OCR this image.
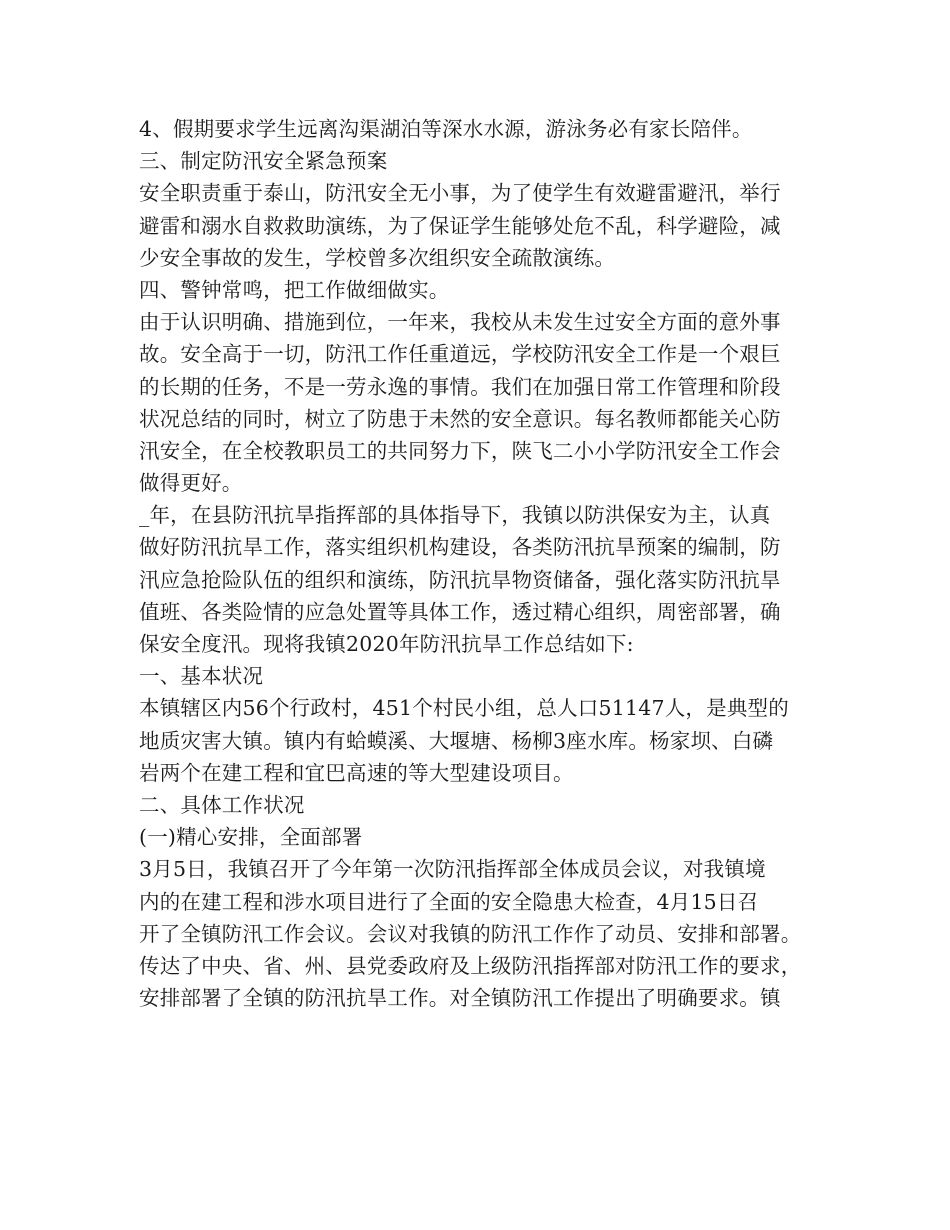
4、假期要求学生远离沟渠湖泊等深水水源，游泳务必有家长陪伴。
三、制定防汛安全紧急预案
安全职责重于泰山，防汛安全无小事，为了使学生有效避雷避汛，举行
避雷和溺水自救救助演练，为了保证学生能够处危不乱，科学避险，减
少安全事故的发生，学校曾多次组织安全疏散演练。
四、警钟常鸣，把工作做细做实。
由于认识明确、措施到位，一年来，我校从未发生过安全方面的意外事
故。安全高于一切，防汛工作任重道远，学校防汛安全工作是一个艰巨
的长期的任务，不是一劳永逸的事情。我们在加强日常工作管理和阶段
状况总结的同时，树立了防患于未然的安全意识。每名教师都能关心防
汛安全，在全校教职员工的共同努力下，陕飞二小小学防汛安全工作会
做得更好。
_年，在县防汛抗旱指挥部的具体指导下，我镇以防洪保安为主，认真
做好防汛抗旱工作，落实组织机构建设，各类防汛抗旱预案的编制，防
汛应急抢险队伍的组织和演练，防汛抗旱物资储备，强化落实防汛抗旱
值班、各类险情的应急处置等具体工作，透过精心组织，周密部署，确
保安全度汛。现将我镇2020年防汛抗旱工作总结如下:
一、基本状况
本镇辖区内56个行政村，451个村民小组，总人口51147人，是典型的
地质灾害大镇。镇内有蛤蟆溪、大堰塘、杨柳3座水库。杨家坝、白磷
岩两个在建工程和宜巴高速的等大型建设项目。
二、具体工作状况
(一)精心安排，全面部署
3月5日，我镇召开了今年第一次防汛指挥部全体成员会议，对我镇境
内的在建工程和涉水项目进行了全面的安全隐患大检查，4月15日召
开了全镇防汛工作会议。会议对我镇的防汛工作作了动员、安排和部署。
传达了中央、省、州、县党委政府及上级防汛指挥部对防汛工作的要求，
安排部署了全镇的防汛抗旱工作。对全镇防汛工作提出了明确要求。镇
